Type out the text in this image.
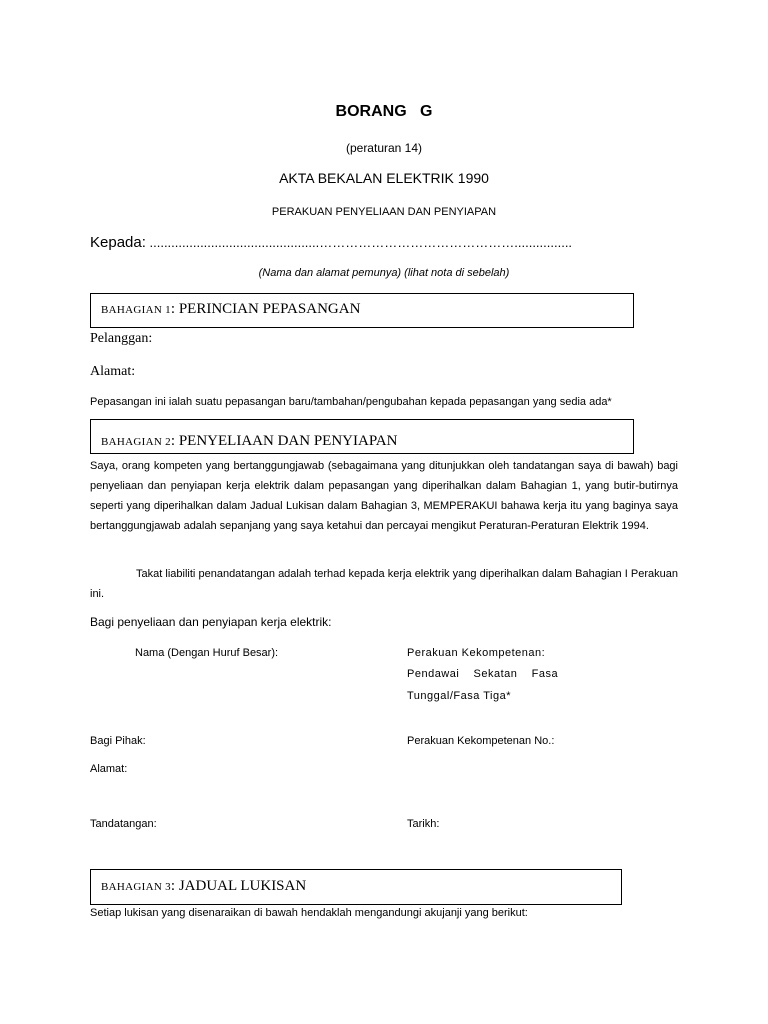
BORANG   G
(peraturan 14)
AKTA BEKALAN ELEKTRIK 1990
PERAKUAN PENYELIAAN DAN PENYIAPAN
Kepada: ...............................................………………………………………................
(Nama dan alamat pemunya) (lihat nota di sebelah)
BAHAGIAN 1: PERINCIAN PEPASANGAN
Pelanggan:
Alamat:
Pepasangan ini ialah suatu pepasangan baru/tambahan/pengubahan kepada pepasangan yang sedia ada*
BAHAGIAN 2: PENYELIAAN DAN PENYIAPAN
Saya, orang kompeten yang bertanggungjawab (sebagaimana yang ditunjukkan oleh tandatangan saya di bawah) bagi penyeliaan dan penyiapan kerja elektrik dalam pepasangan yang diperihalkan dalam Bahagian 1, yang butir-butirnya seperti yang diperihalkan dalam Jadual Lukisan dalam Bahagian 3, MEMPERAKUI bahawa kerja itu yang baginya saya bertanggungjawab adalah sepanjang yang saya ketahui dan percayai mengikut Peraturan-Peraturan Elektrik 1994.
Takat liabiliti penandatangan adalah terhad kepada kerja elektrik yang diperihalkan dalam Bahagian I Perakuan ini.
Bagi penyeliaan dan penyiapan kerja elektrik:
Nama (Dengan Huruf Besar):	Perakuan Kekompetenan:
Pendawai    Sekatan    Fasa
Tunggal/Fasa Tiga*
Bagi Pihak:	Perakuan Kekompetenan No.:
Alamat:
Tandatangan:	Tarikh:
BAHAGIAN 3: JADUAL LUKISAN
Setiap lukisan yang disenaraikan di bawah hendaklah mengandungi akujanji yang berikut:
